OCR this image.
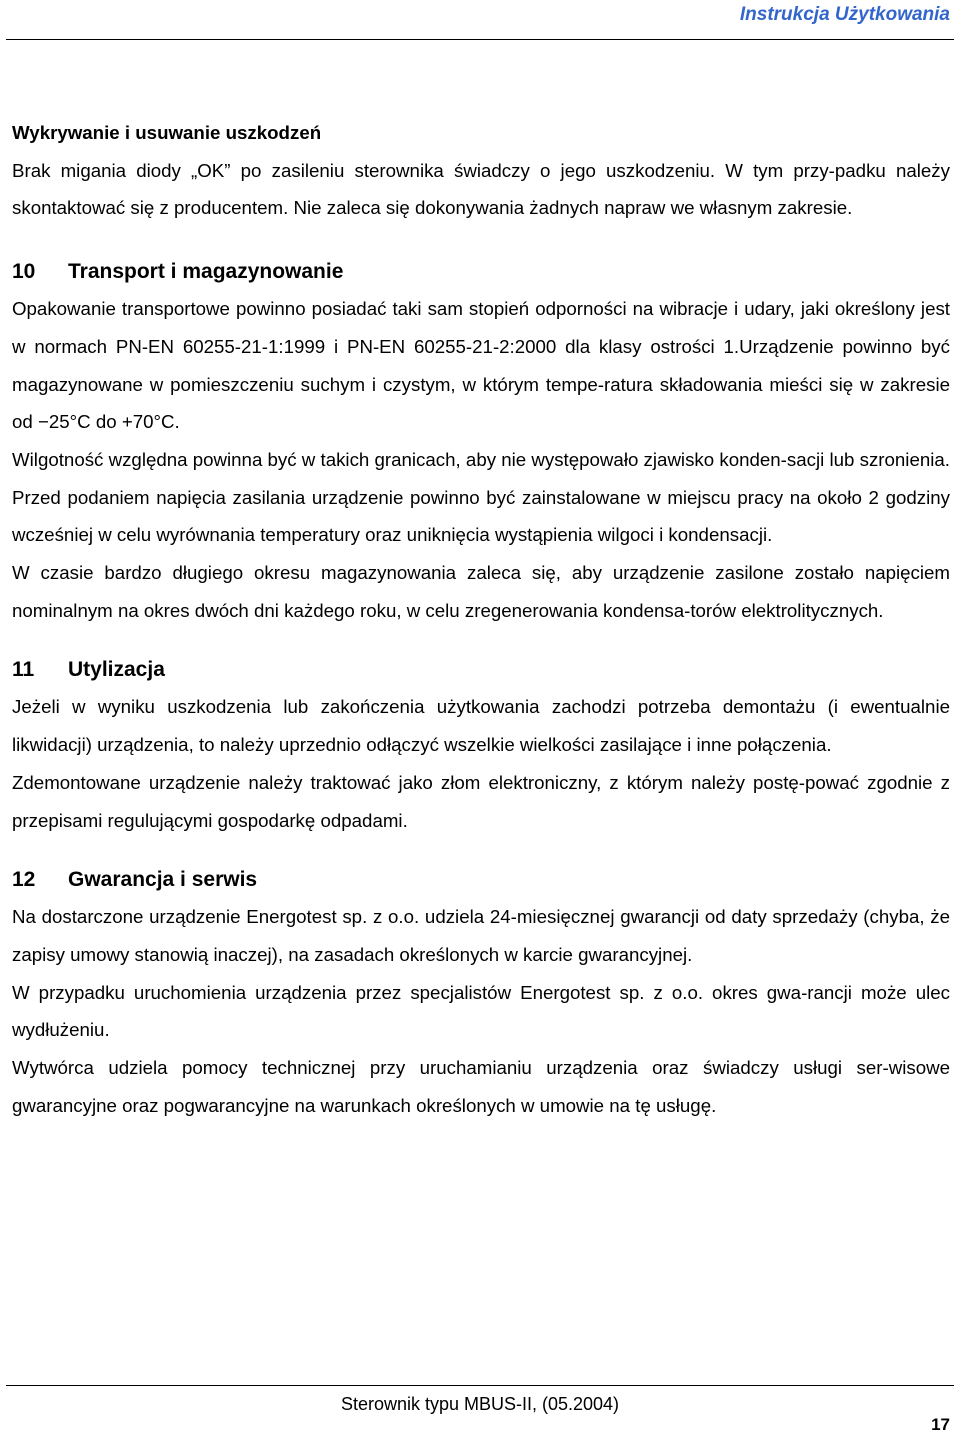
Instrukcja Użytkowania

Wykrywanie i usuwanie uszkodzeń

Brak migania diody „OK” po zasileniu sterownika świadczy o jego uszkodzeniu. W tym przy-padku należy skontaktować się z producentem. Nie zaleca się dokonywania żadnych napraw we własnym zakresie.

10 Transport i magazynowanie

Opakowanie transportowe powinno posiadać taki sam stopień odporności na wibracje i udary, jaki określony jest w normach PN-EN 60255-21-1:1999 i PN-EN 60255-21-2:2000 dla klasy ostrości 1.Urządzenie powinno być magazynowane w pomieszczeniu suchym i czystym, w którym tempe-ratura składowania mieści się w zakresie od −25°C do +70°C.

Wilgotność względna powinna być w takich granicach, aby nie występowało zjawisko konden-sacji lub szronienia.

Przed podaniem napięcia zasilania urządzenie powinno być zainstalowane w miejscu pracy na około 2 godziny wcześniej w celu wyrównania temperatury oraz uniknięcia wystąpienia wilgoci i kondensacji.

W czasie bardzo długiego okresu magazynowania zaleca się, aby urządzenie zasilone zostało napięciem nominalnym na okres dwóch dni każdego roku, w celu zregenerowania kondensa-torów elektrolitycznych.

11 Utylizacja

Jeżeli w wyniku uszkodzenia lub zakończenia użytkowania zachodzi potrzeba demontażu (i ewentualnie likwidacji) urządzenia, to należy uprzednio odłączyć wszelkie wielkości zasilające i inne połączenia.

Zdemontowane urządzenie należy traktować jako złom elektroniczny, z którym należy postę-pować zgodnie z przepisami regulującymi gospodarkę odpadami.

12 Gwarancja i serwis

Na dostarczone urządzenie Energotest sp. z o.o. udziela 24-miesięcznej gwarancji od daty sprzedaży (chyba, że zapisy umowy stanowią inaczej), na zasadach określonych w karcie gwarancyjnej.

W przypadku uruchomienia urządzenia przez specjalistów Energotest sp. z o.o. okres gwa-rancji może ulec wydłużeniu.

Wytwórca udziela pomocy technicznej przy uruchamianiu urządzenia oraz świadczy usługi ser-wisowe gwarancyjne oraz pogwarancyjne na warunkach określonych w umowie na tę usługę.

Sterownik typu MBUS-II, (05.2004)
17
